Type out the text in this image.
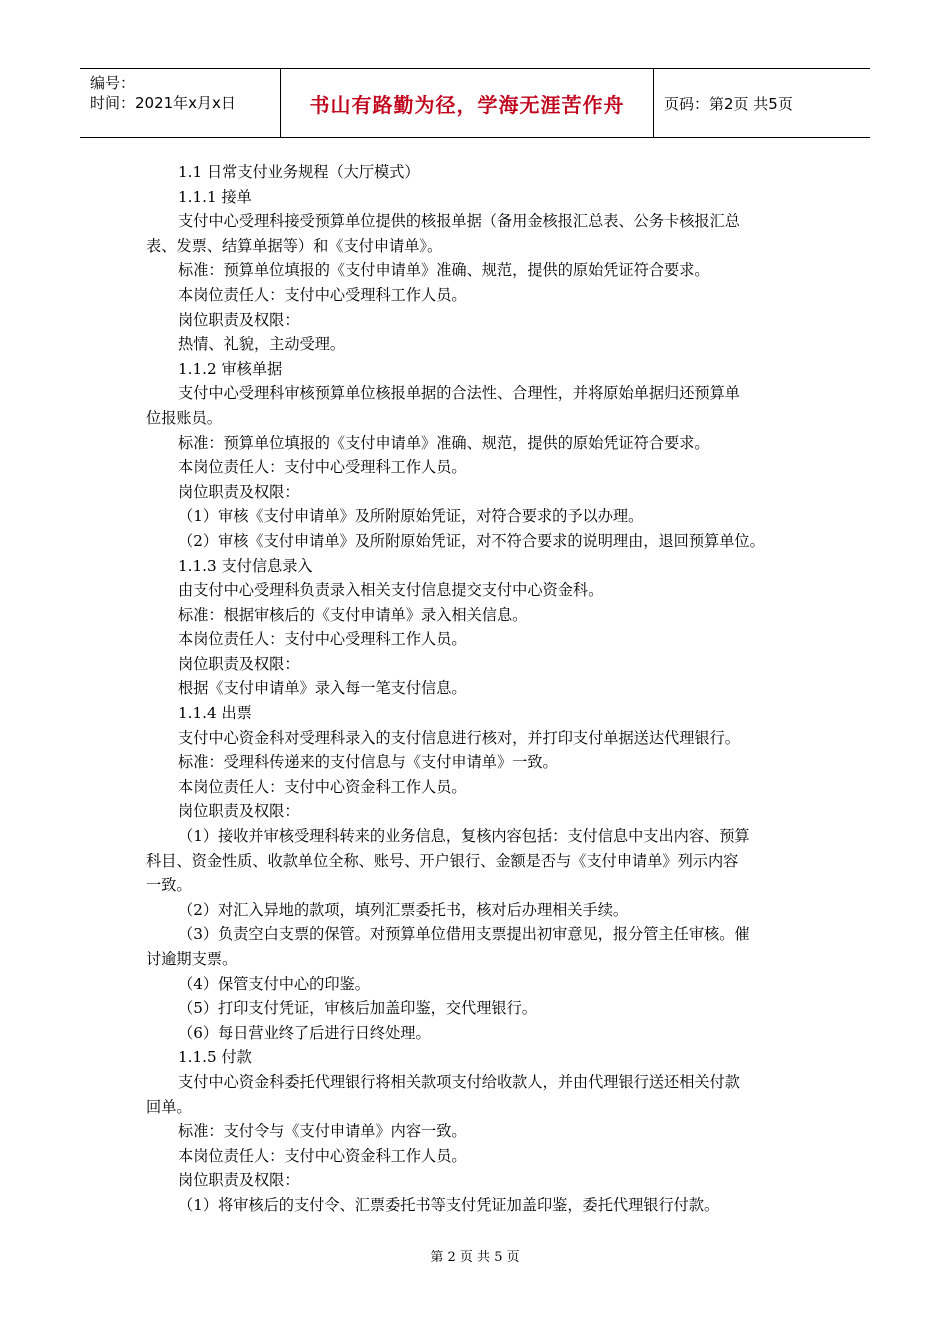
编号：
时间：2021年x月x日	书山有路勤为径，学海无涯苦作舟	页码：第2页 共5页
1.1 日常支付业务规程（大厅模式）
1.1.1 接单
支付中心受理科接受预算单位提供的核报单据（备用金核报汇总表、公务卡核报汇总
表、发票、结算单据等）和《支付申请单》。
标准：预算单位填报的《支付申请单》准确、规范，提供的原始凭证符合要求。
本岗位责任人：支付中心受理科工作人员。
岗位职责及权限：
热情、礼貌，主动受理。
1.1.2 审核单据
支付中心受理科审核预算单位核报单据的合法性、合理性，并将原始单据归还预算单
位报账员。
标准：预算单位填报的《支付申请单》准确、规范，提供的原始凭证符合要求。
本岗位责任人：支付中心受理科工作人员。
岗位职责及权限：
（1）审核《支付申请单》及所附原始凭证，对符合要求的予以办理。
（2）审核《支付申请单》及所附原始凭证，对不符合要求的说明理由，退回预算单位。
1.1.3 支付信息录入
由支付中心受理科负责录入相关支付信息提交支付中心资金科。
标准：根据审核后的《支付申请单》录入相关信息。
本岗位责任人：支付中心受理科工作人员。
岗位职责及权限：
根据《支付申请单》录入每一笔支付信息。
1.1.4 出票
支付中心资金科对受理科录入的支付信息进行核对，并打印支付单据送达代理银行。
标准：受理科传递来的支付信息与《支付申请单》一致。
本岗位责任人：支付中心资金科工作人员。
岗位职责及权限：
（1）接收并审核受理科转来的业务信息，复核内容包括：支付信息中支出内容、预算
科目、资金性质、收款单位全称、账号、开户银行、金额是否与《支付申请单》列示内容
一致。
（2）对汇入异地的款项，填列汇票委托书，核对后办理相关手续。
（3）负责空白支票的保管。对预算单位借用支票提出初审意见，报分管主任审核。催
讨逾期支票。
（4）保管支付中心的印鉴。
（5）打印支付凭证，审核后加盖印鉴，交代理银行。
（6）每日营业终了后进行日终处理。
1.1.5 付款
支付中心资金科委托代理银行将相关款项支付给收款人，并由代理银行送还相关付款
回单。
标准：支付令与《支付申请单》内容一致。
本岗位责任人：支付中心资金科工作人员。
岗位职责及权限：
（1）将审核后的支付令、汇票委托书等支付凭证加盖印鉴，委托代理银行付款。
第 2 页 共 5 页
